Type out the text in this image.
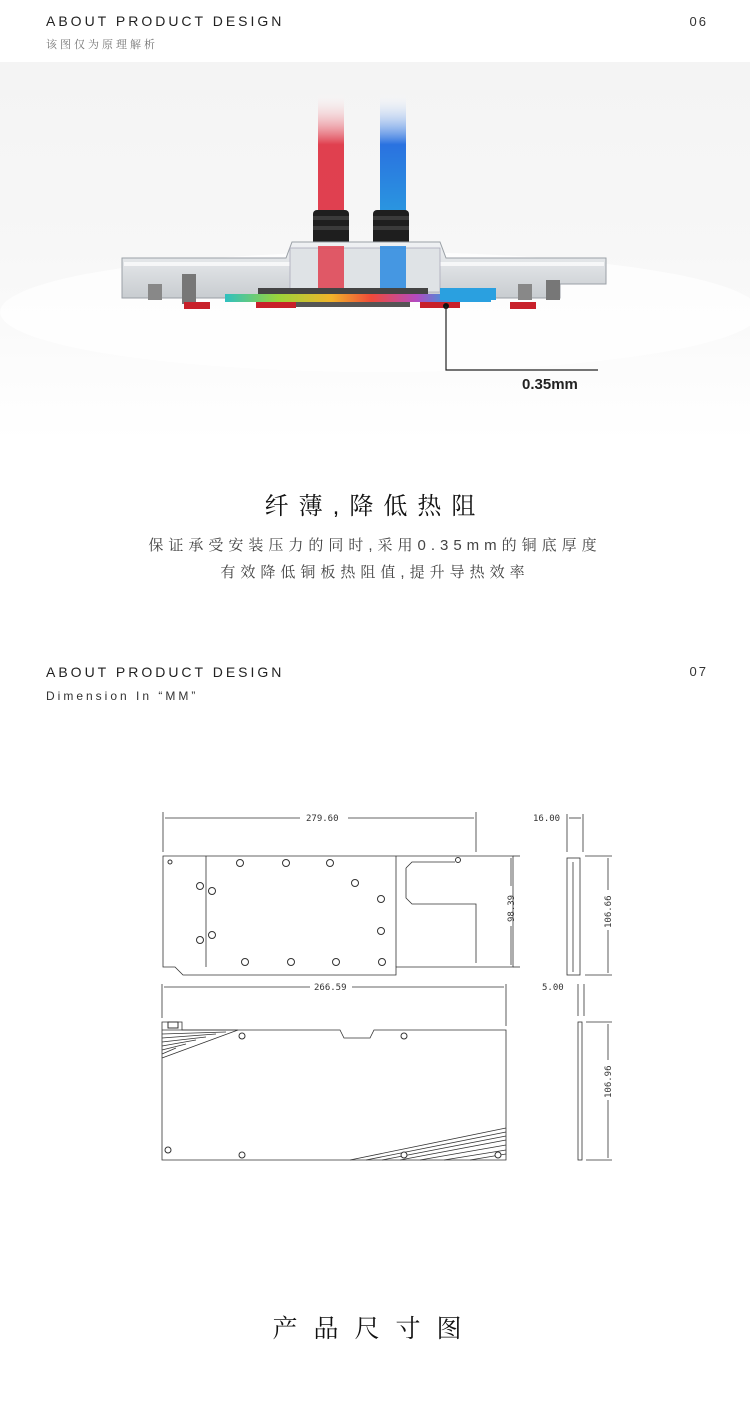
ABOUT PRODUCT DESIGN
该图仅为原理解析
06
0.35mm
纤薄,降低热阻
保证承受安装压力的同时,采用0.35mm的铜底厚度
有效降低铜板热阻值,提升导热效率
ABOUT PRODUCT DESIGN
Dimension In “MM”
07
279.60	16.00
98.39	106.66
266.59	5.00
106.96
产品尺寸图
